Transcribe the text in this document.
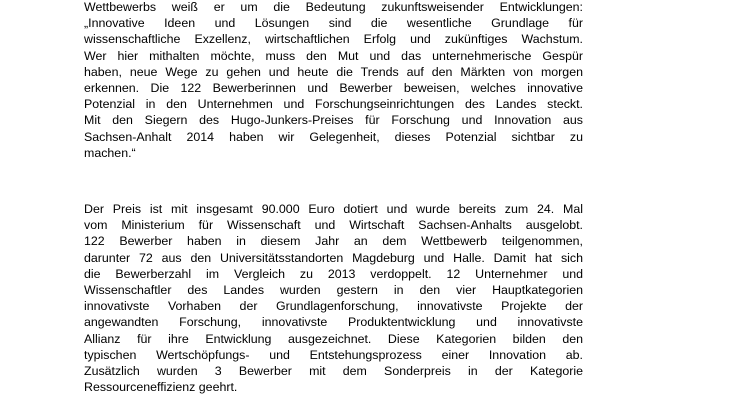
Wettbewerbs weiß er um die Bedeutung zukunftsweisender Entwicklungen:
„Innovative Ideen und Lösungen sind die wesentliche Grundlage für
wissenschaftliche Exzellenz, wirtschaftlichen Erfolg und zukünftiges Wachstum.
Wer hier mithalten möchte, muss den Mut und das unternehmerische Gespür
haben, neue Wege zu gehen und heute die Trends auf den Märkten von morgen
erkennen. Die 122 Bewerberinnen und Bewerber beweisen, welches innovative
Potenzial in den Unternehmen und Forschungseinrichtungen des Landes steckt.
Mit den Siegern des Hugo-Junkers-Preises für Forschung und Innovation aus
Sachsen-Anhalt 2014 haben wir Gelegenheit, dieses Potenzial sichtbar zu
machen.“
Der Preis ist mit insgesamt 90.000 Euro dotiert und wurde bereits zum 24. Mal
vom Ministerium für Wissenschaft und Wirtschaft Sachsen-Anhalts ausgelobt.
122 Bewerber haben in diesem Jahr an dem Wettbewerb teilgenommen,
darunter 72 aus den Universitätsstandorten Magdeburg und Halle. Damit hat sich
die Bewerberzahl im Vergleich zu 2013 verdoppelt. 12 Unternehmer und
Wissenschaftler des Landes wurden gestern in den vier Hauptkategorien
innovativste Vorhaben der Grundlagenforschung, innovativste Projekte der
angewandten Forschung, innovativste Produktentwicklung und innovativste
Allianz für ihre Entwicklung ausgezeichnet. Diese Kategorien bilden den
typischen Wertschöpfungs- und Entstehungsprozess einer Innovation ab.
Zusätzlich wurden 3 Bewerber mit dem Sonderpreis in der Kategorie
Ressourceneffizienz geehrt.
